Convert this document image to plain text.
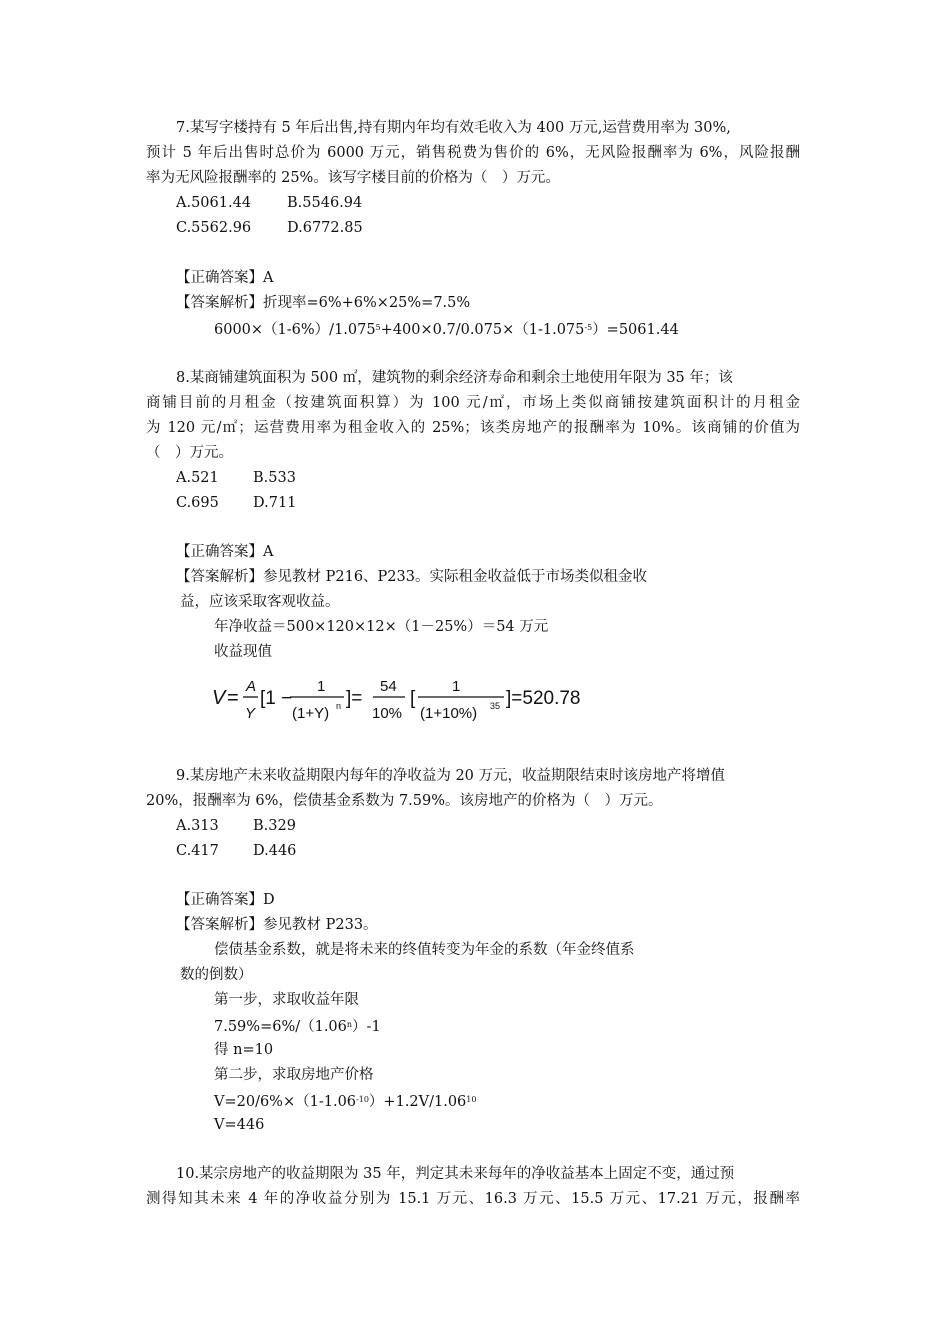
7.某写字楼持有 5 年后出售,持有期内年均有效毛收入为 400 万元,运营费用率为 30%,
预计 5 年后出售时总价为 6000 万元，销售税费为售价的 6%，无风险报酬率为 6%，风险报酬
率为无风险报酬率的 25%。该写字楼目前的价格为（　）万元。
A.5061.44 B.5546.94
C.5562.96 D.6772.85
【正确答案】A
【答案解析】折现率=6%+6%×25%=7.5%
$6000\times(1-6\%)/1.075^5+400\times 0.7/0.075\times(1-1.075^{-5})=5061.44$
8.某商铺建筑面积为 500 ㎡，建筑物的剩余经济寿命和剩余土地使用年限为 35 年；该
商铺目前的月租金（按建筑面积算）为 100 元/㎡，市场上类似商铺按建筑面积计的月租金
为 120 元/㎡；运营费用率为租金收入的 25%；该类房地产的报酬率为 10%。该商铺的价值为
（　）万元。
A.521 B.533
C.695 D.711
【正确答案】A
【答案解析】参见教材 P216、P233。实际租金收益低于市场类似租金收
益，应该采取客观收益。
年净收益＝500×120×12×（1－25%）＝54 万元
收益现值
V =
A
Y
[1 −
1
(1+Y) n ]=
54
10%
[
1
(1+10%) 35 ]=520.78
9.某房地产未来收益期限内每年的净收益为 20 万元，收益期限结束时该房地产将增值
20%，报酬率为 6%，偿债基金系数为 7.59%。该房地产的价格为（　）万元。
A.313 B.329
C.417 D.446
【正确答案】D
【答案解析】参见教材 P233。
偿债基金系数，就是将未来的终值转变为年金的系数（年金终值系
数的倒数）
第一步，求取收益年限
$7.59\%=6\%/(1.06^n)-1$
得 n=10
第二步，求取房地产价格
$V=20/6\%\times(1-1.06^{-10})+1.2V/1.06^{10}$
V=446
10.某宗房地产的收益期限为 35 年，判定其未来每年的净收益基本上固定不变，通过预
测得知其未来 4 年的净收益分别为 15.1 万元、16.3 万元、15.5 万元、17.21 万元，报酬率
